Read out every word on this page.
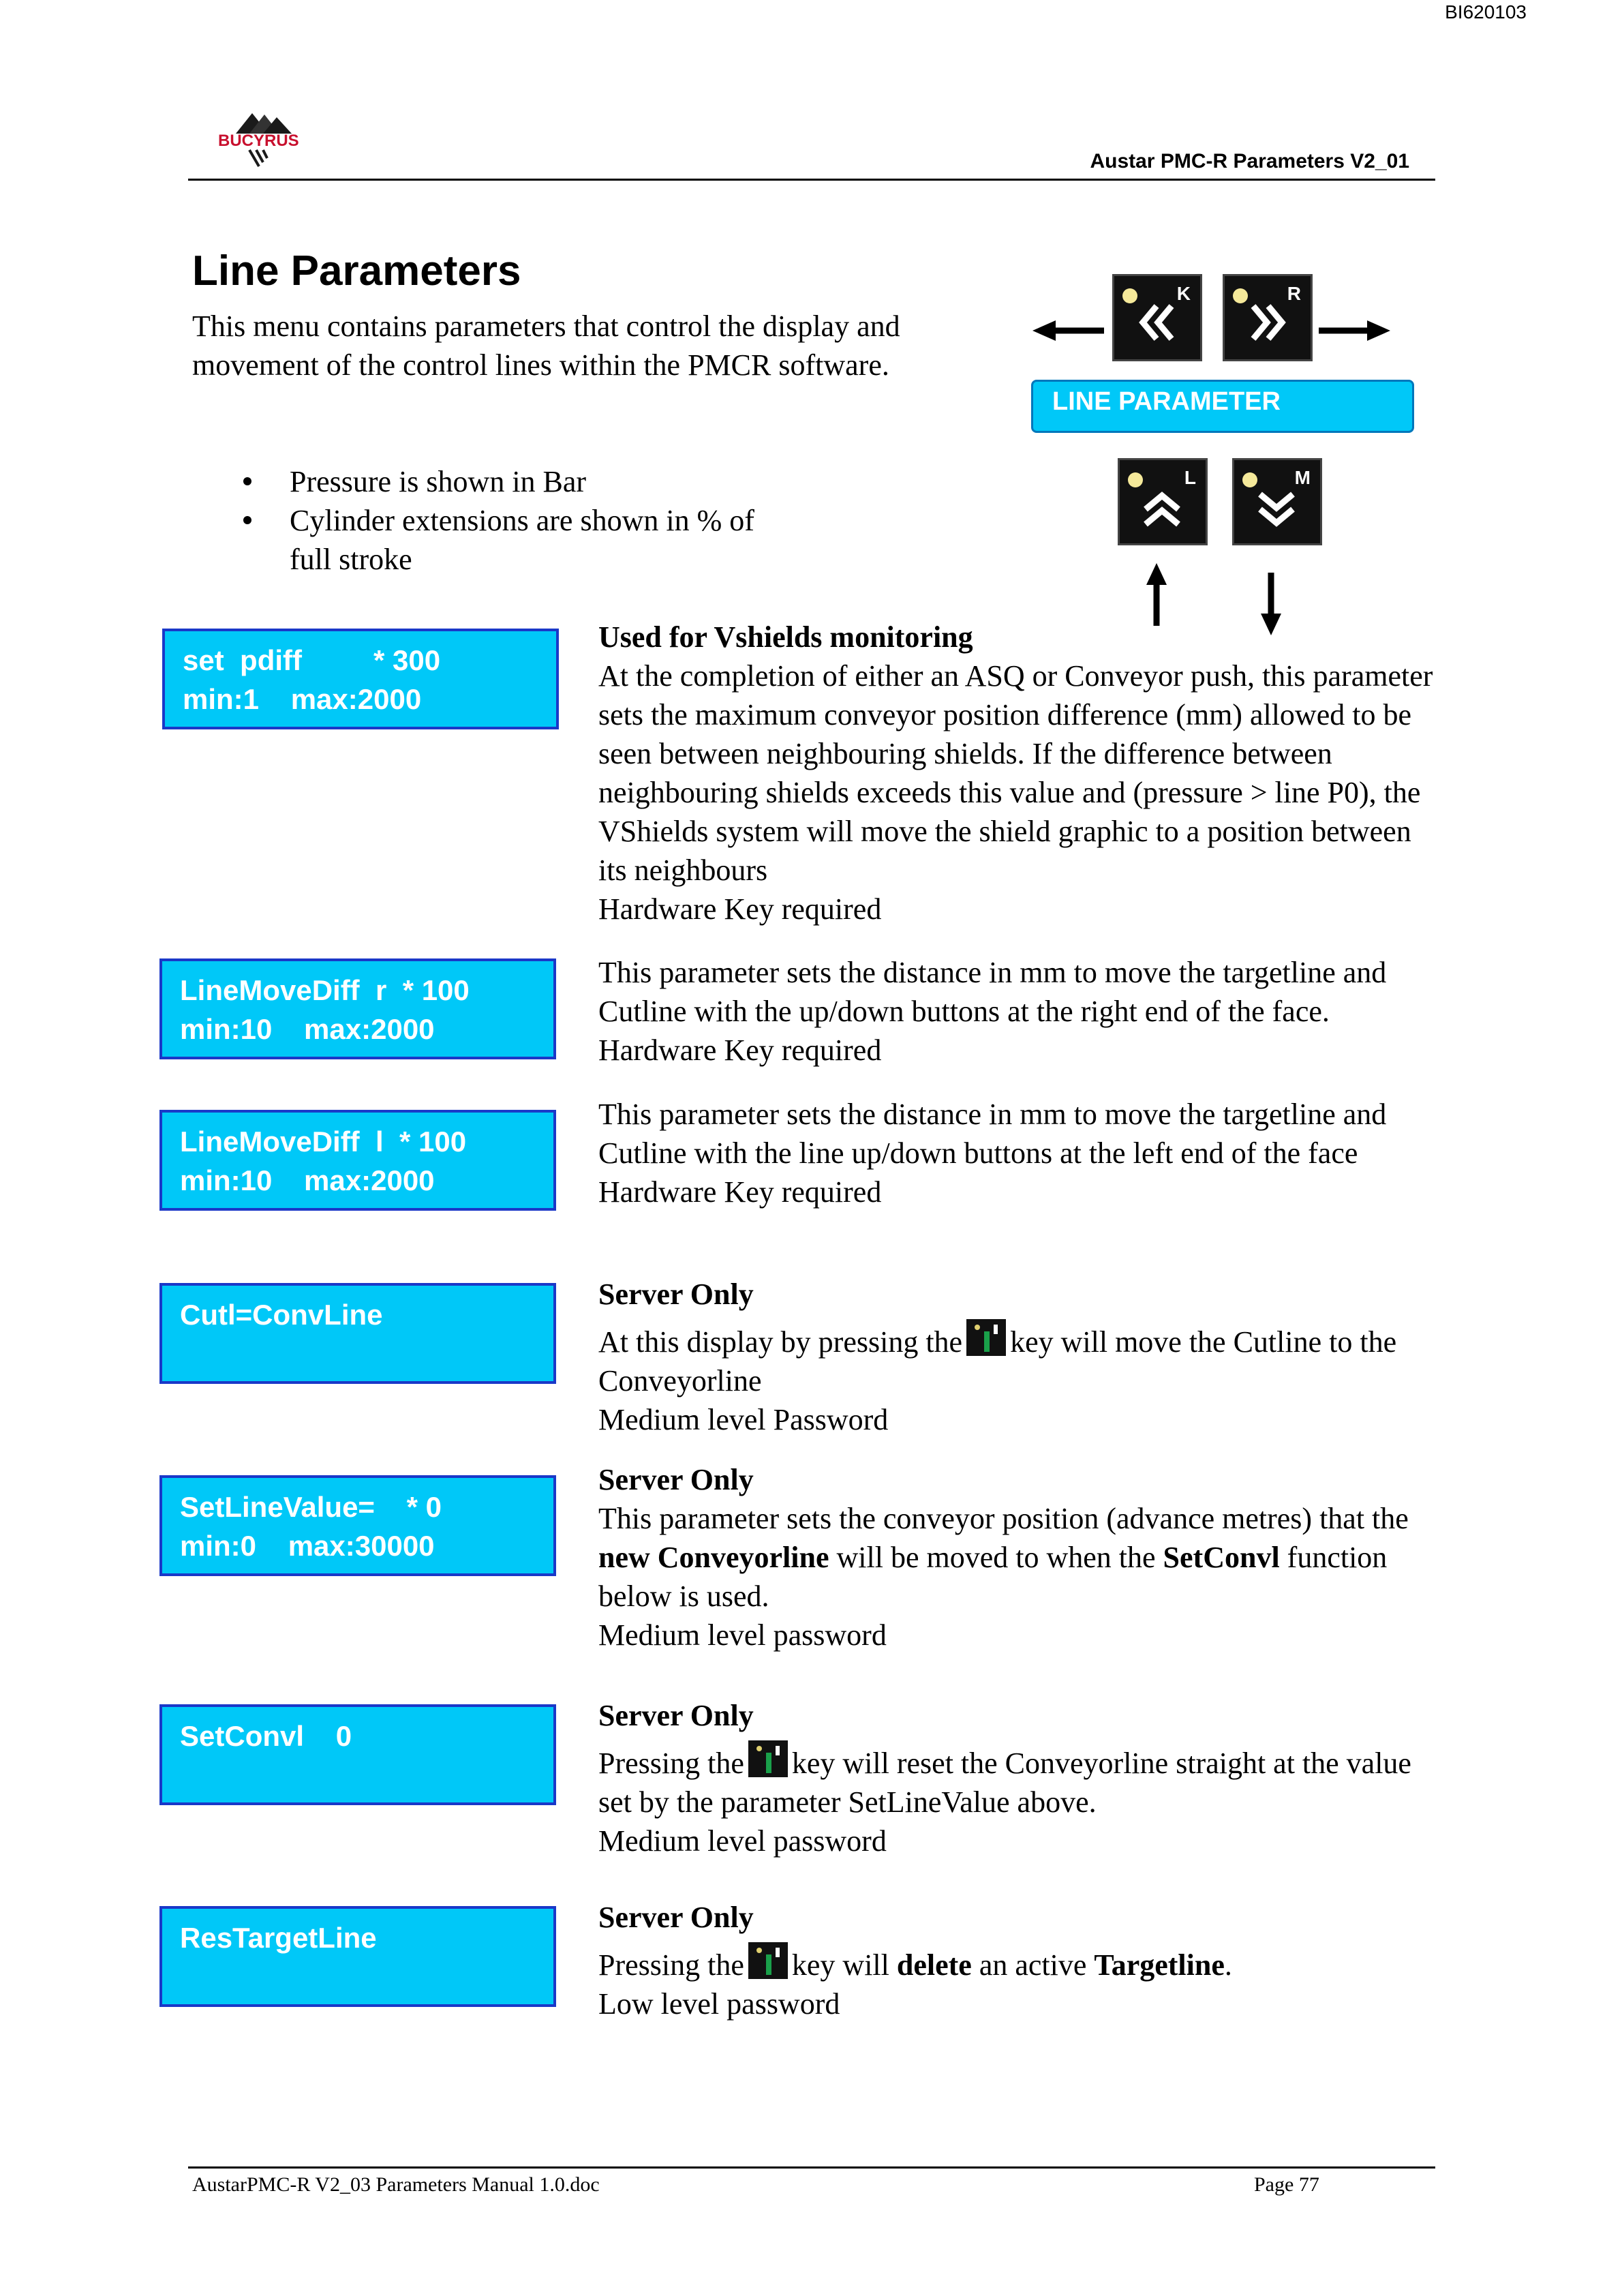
BI620103
BUCYRUS
Austar PMC-R Parameters V2_01
Line Parameters

This menu contains parameters that control the display and movement of the control lines within the PMCR software.

Pressure is shown in Bar
Cylinder extensions are shown in % of full stroke
K	R
LINE PARAMETER
L	M
set  pdiff         * 300
min:1    max:2000

Used for Vshields monitoring

At the completion of either an ASQ or Conveyor push, this parameter sets the maximum conveyor position difference (mm) allowed to be seen between neighbouring shields. If the difference between neighbouring shields exceeds this value and (pressure > line P0), the VShields system will move the shield graphic to a position between its neighbours

Hardware Key required

LineMoveDiff  r  * 100
min:10    max:2000

This parameter sets the distance in mm to move the targetline and Cutline with the up/down buttons at the right end of the face. Hardware Key required

LineMoveDiff  l  * 100
min:10    max:2000

This parameter sets the distance in mm to move the targetline and Cutline with the line up/down buttons at the left end of the face

Hardware Key required

Cutl=ConvLine

Server Only

At this display by pressing the key will move the Cutline to the Conveyorline

Medium level Password

SetLineValue=    * 0
min:0    max:30000

Server Only

This parameter sets the conveyor position (advance metres) that the new Conveyorline will be moved to when the SetConvl function below is used.

Medium level password

SetConvl    0

Server Only

Pressing the key will reset the Conveyorline straight at the value set by the parameter SetLineValue above.

Medium level password

ResTargetLine

Server Only

Pressing the key will delete an active Targetline.

Low level password

AustarPMC-R V2_03 Parameters Manual 1.0.doc	Page 77
